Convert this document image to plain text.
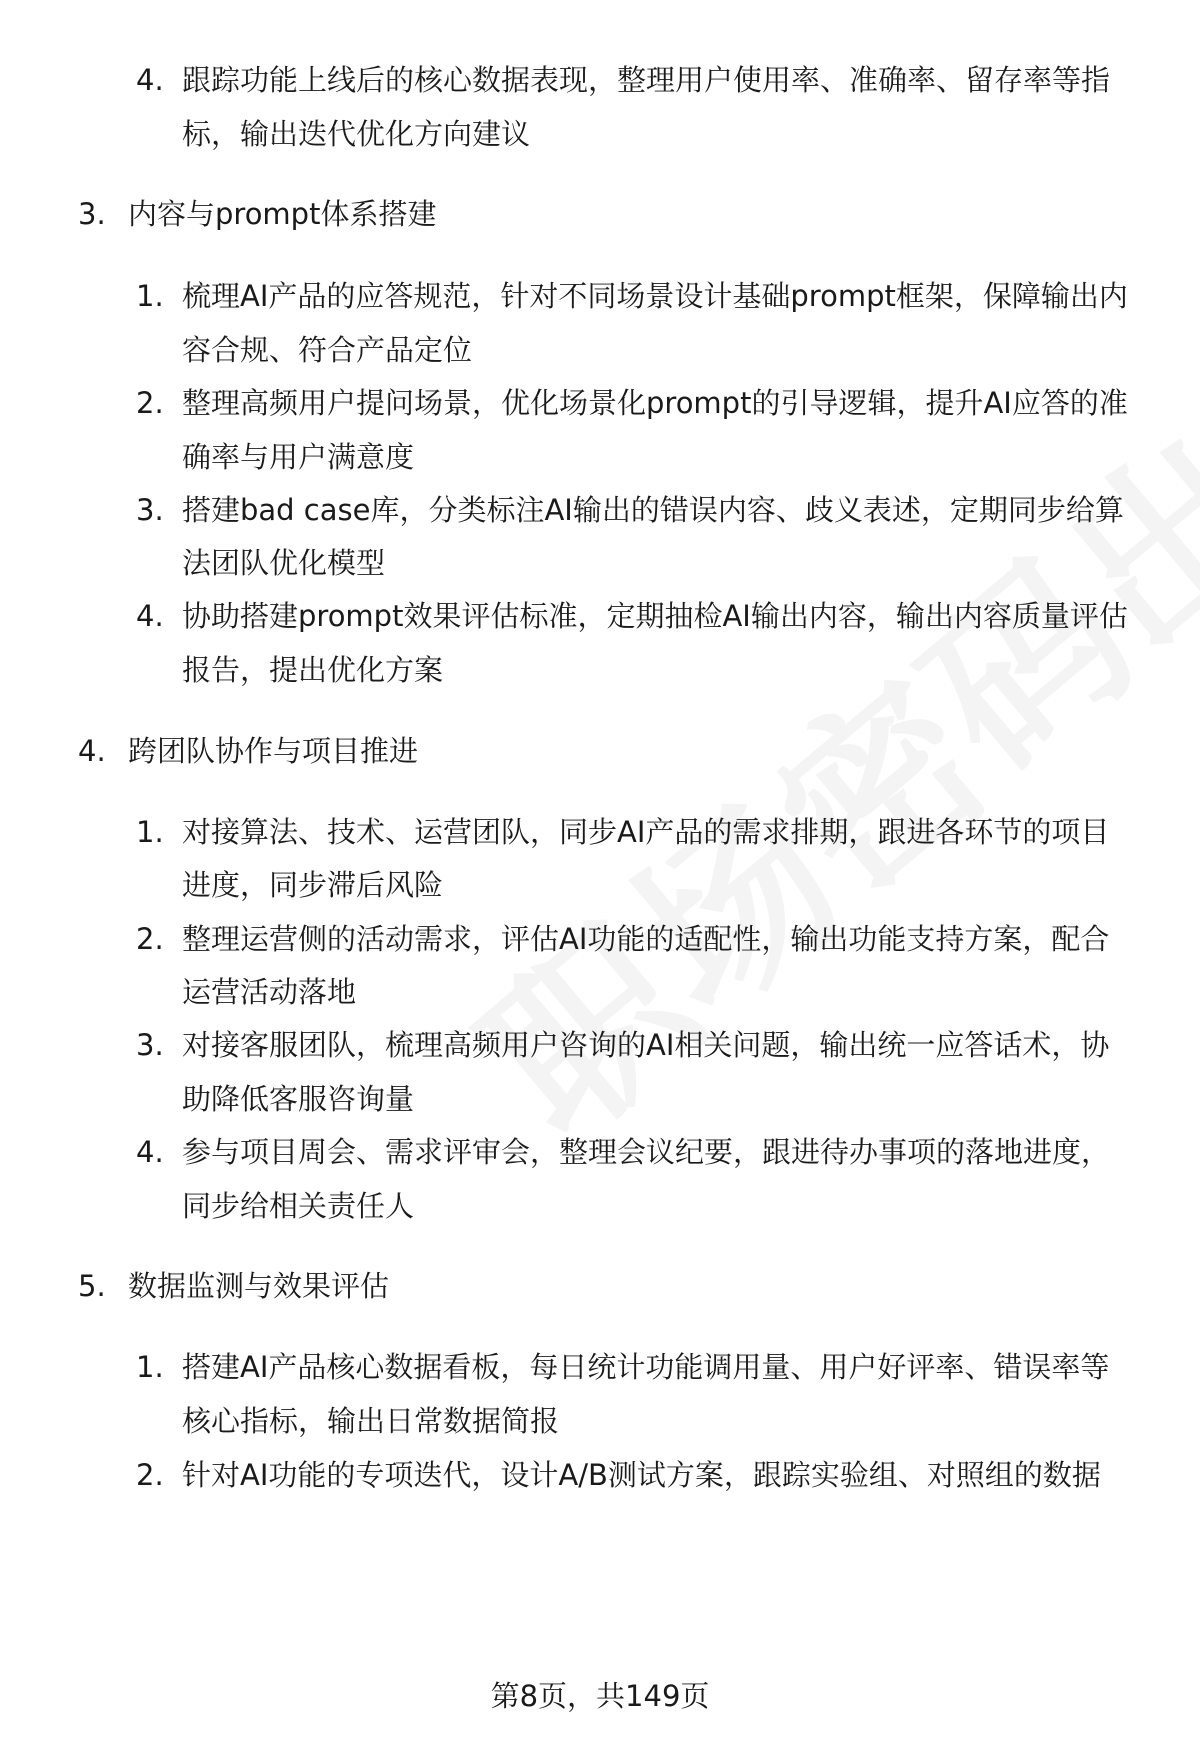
4. 跟踪功能上线后的核心数据表现，整理用户使用率、准确率、留存率等指
标，输出迭代优化方向建议
3. 内容与prompt体系搭建
1. 梳理AI产品的应答规范，针对不同场景设计基础prompt框架，保障输出内
容合规、符合产品定位
2. 整理高频用户提问场景，优化场景化prompt的引导逻辑，提升AI应答的准
确率与用户满意度
3. 搭建bad case库，分类标注AI输出的错误内容、歧义表述，定期同步给算
法团队优化模型
4. 协助搭建prompt效果评估标准，定期抽检AI输出内容，输出内容质量评估
报告，提出优化方案
4. 跨团队协作与项目推进
1. 对接算法、技术、运营团队，同步AI产品的需求排期，跟进各环节的项目
进度，同步滞后风险
2. 整理运营侧的活动需求，评估AI功能的适配性，输出功能支持方案，配合
运营活动落地
3. 对接客服团队，梳理高频用户咨询的AI相关问题，输出统一应答话术，协
助降低客服咨询量
4. 参与项目周会、需求评审会，整理会议纪要，跟进待办事项的落地进度，
同步给相关责任人
5. 数据监测与效果评估
1. 搭建AI产品核心数据看板，每日统计功能调用量、用户好评率、错误率等
核心指标，输出日常数据简报
2. 针对AI功能的专项迭代，设计A/B测试方案，跟踪实验组、对照组的数据
第8页，共149页
